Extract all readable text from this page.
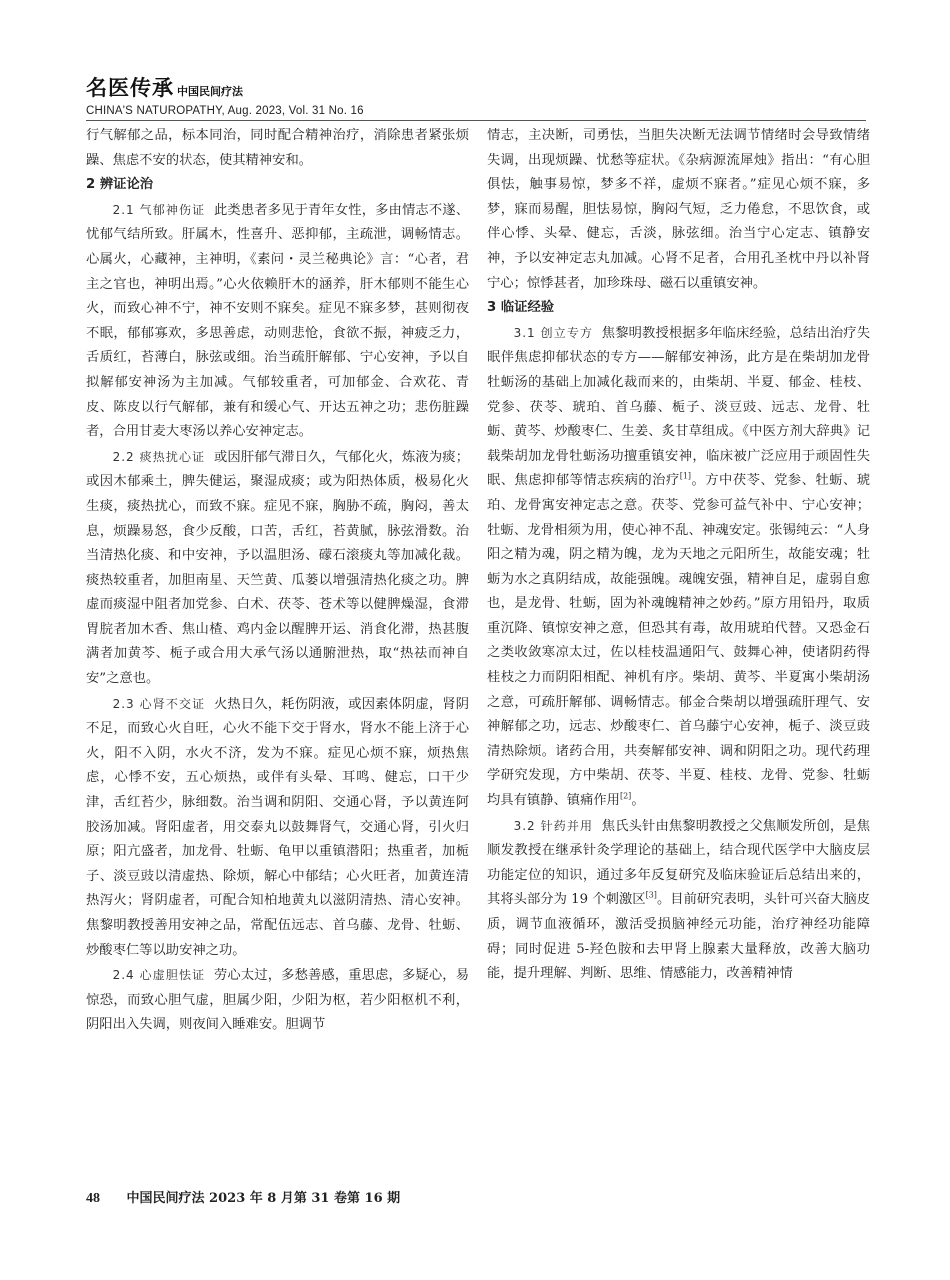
名医传承 中国民间疗法
CHINA'S NATUROPATHY, Aug. 2023, Vol. 31 No. 16

行气解郁之品，标本同治，同时配合精神治疗，消除患者紧张烦躁、焦虑不安的状态，使其精神安和。

2 辨证论治

2.1 气郁神伤证 此类患者多见于青年女性，多由情志不遂、忧郁气结所致。肝属木，性喜升、恶抑郁，主疏泄，调畅情志。心属火，心藏神，主神明，《素问・灵兰秘典论》言：“心者，君主之官也，神明出焉。”心火依赖肝木的涵养，肝木郁则不能生心火，而致心神不宁，神不安则不寐矣。症见不寐多梦，甚则彻夜不眠，郁郁寡欢，多思善虑，动则悲怆，食欲不振，神疲乏力，舌质红，苔薄白，脉弦或细。治当疏肝解郁、宁心安神，予以自拟解郁安神汤为主加减。气郁较重者，可加郁金、合欢花、青皮、陈皮以行气解郁，兼有和缓心气、开达五神之功；悲伤脏躁者，合用甘麦大枣汤以养心安神定志。

2.2 痰热扰心证 或因肝郁气滞日久，气郁化火，炼液为痰；或因木郁乘土，脾失健运，聚湿成痰；或为阳热体质，极易化火生痰，痰热扰心，而致不寐。症见不寐，胸胁不疏，胸闷，善太息，烦躁易怒，食少反酸，口苦，舌红，苔黄腻，脉弦滑数。治当清热化痰、和中安神，予以温胆汤、礞石滚痰丸等加减化裁。痰热较重者，加胆南星、天竺黄、瓜蒌以增强清热化痰之功。脾虚而痰湿中阻者加党参、白术、茯苓、苍术等以健脾燥湿，食滞胃脘者加木香、焦山楂、鸡内金以醒脾开运、消食化滞，热甚腹满者加黄芩、栀子或合用大承气汤以通腑泄热，取“热祛而神自安”之意也。

2.3 心肾不交证 火热日久，耗伤阴液，或因素体阴虚，肾阴不足，而致心火自旺，心火不能下交于肾水，肾水不能上济于心火，阳不入阴，水火不济，发为不寐。症见心烦不寐，烦热焦虑，心悸不安，五心烦热，或伴有头晕、耳鸣、健忘，口干少津，舌红苔少，脉细数。治当调和阴阳、交通心肾，予以黄连阿胶汤加减。肾阳虚者，用交泰丸以鼓舞肾气，交通心肾，引火归原；阳亢盛者，加龙骨、牡蛎、龟甲以重镇潜阳；热重者，加栀子、淡豆豉以清虚热、除烦，解心中郁结；心火旺者，加黄连清热泻火；肾阴虚者，可配合知柏地黄丸以滋阴清热、清心安神。焦黎明教授善用安神之品，常配伍远志、首乌藤、龙骨、牡蛎、炒酸枣仁等以助安神之功。

2.4 心虚胆怯证 劳心太过，多愁善感，重思虑，多疑心，易惊恐，而致心胆气虚，胆属少阳，少阳为枢，若少阳枢机不利，阴阳出入失调，则夜间入睡难安。胆调节

情志，主决断，司勇怯，当胆失决断无法调节情绪时会导致情绪失调，出现烦躁、忧愁等症状。《杂病源流犀烛》指出：“有心胆俱怯，触事易惊，梦多不祥，虚烦不寐者。”症见心烦不寐，多梦，寐而易醒，胆怯易惊，胸闷气短，乏力倦怠，不思饮食，或伴心悸、头晕、健忘，舌淡，脉弦细。治当宁心定志、镇静安神，予以安神定志丸加减。心肾不足者，合用孔圣枕中丹以补肾宁心；惊悸甚者，加珍珠母、磁石以重镇安神。

3 临证经验

3.1 创立专方 焦黎明教授根据多年临床经验，总结出治疗失眠伴焦虑抑郁状态的专方——解郁安神汤，此方是在柴胡加龙骨牡蛎汤的基础上加减化裁而来的，由柴胡、半夏、郁金、桂枝、党参、茯苓、琥珀、首乌藤、栀子、淡豆豉、远志、龙骨、牡蛎、黄芩、炒酸枣仁、生姜、炙甘草组成。《中医方剂大辞典》记载柴胡加龙骨牡蛎汤功擅重镇安神，临床被广泛应用于顽固性失眠、焦虑抑郁等情志疾病的治疗[1]。方中茯苓、党参、牡蛎、琥珀、龙骨寓安神定志之意。茯苓、党参可益气补中、宁心安神；牡蛎、龙骨相须为用，使心神不乱、神魂安定。张锡纯云：“人身阳之精为魂，阴之精为魄，龙为天地之元阳所生，故能安魂；牡蛎为水之真阴结成，故能强魄。魂魄安强，精神自足，虚弱自愈也，是龙骨、牡蛎，固为补魂魄精神之妙药。”原方用铅丹，取质重沉降、镇惊安神之意，但恐其有毒，故用琥珀代替。又恐金石之类收敛寒凉太过，佐以桂枝温通阳气、鼓舞心神，使诸阴药得桂枝之力而阴阳相配、神机有序。柴胡、黄芩、半夏寓小柴胡汤之意，可疏肝解郁、调畅情志。郁金合柴胡以增强疏肝理气、安神解郁之功，远志、炒酸枣仁、首乌藤宁心安神，栀子、淡豆豉清热除烦。诸药合用，共奏解郁安神、调和阴阳之功。现代药理学研究发现，方中柴胡、茯苓、半夏、桂枝、龙骨、党参、牡蛎均具有镇静、镇痛作用[2]。

3.2 针药并用 焦氏头针由焦黎明教授之父焦顺发所创，是焦顺发教授在继承针灸学理论的基础上，结合现代医学中大脑皮层功能定位的知识，通过多年反复研究及临床验证后总结出来的，其将头部分为 19 个刺激区[3]。目前研究表明，头针可兴奋大脑皮质，调节血液循环，激活受损脑神经元功能，治疗神经功能障碍；同时促进 5-羟色胺和去甲肾上腺素大量释放，改善大脑功能，提升理解、判断、思维、情感能力，改善精神情

48 中国民间疗法 2023 年 8 月第 31 卷第 16 期
